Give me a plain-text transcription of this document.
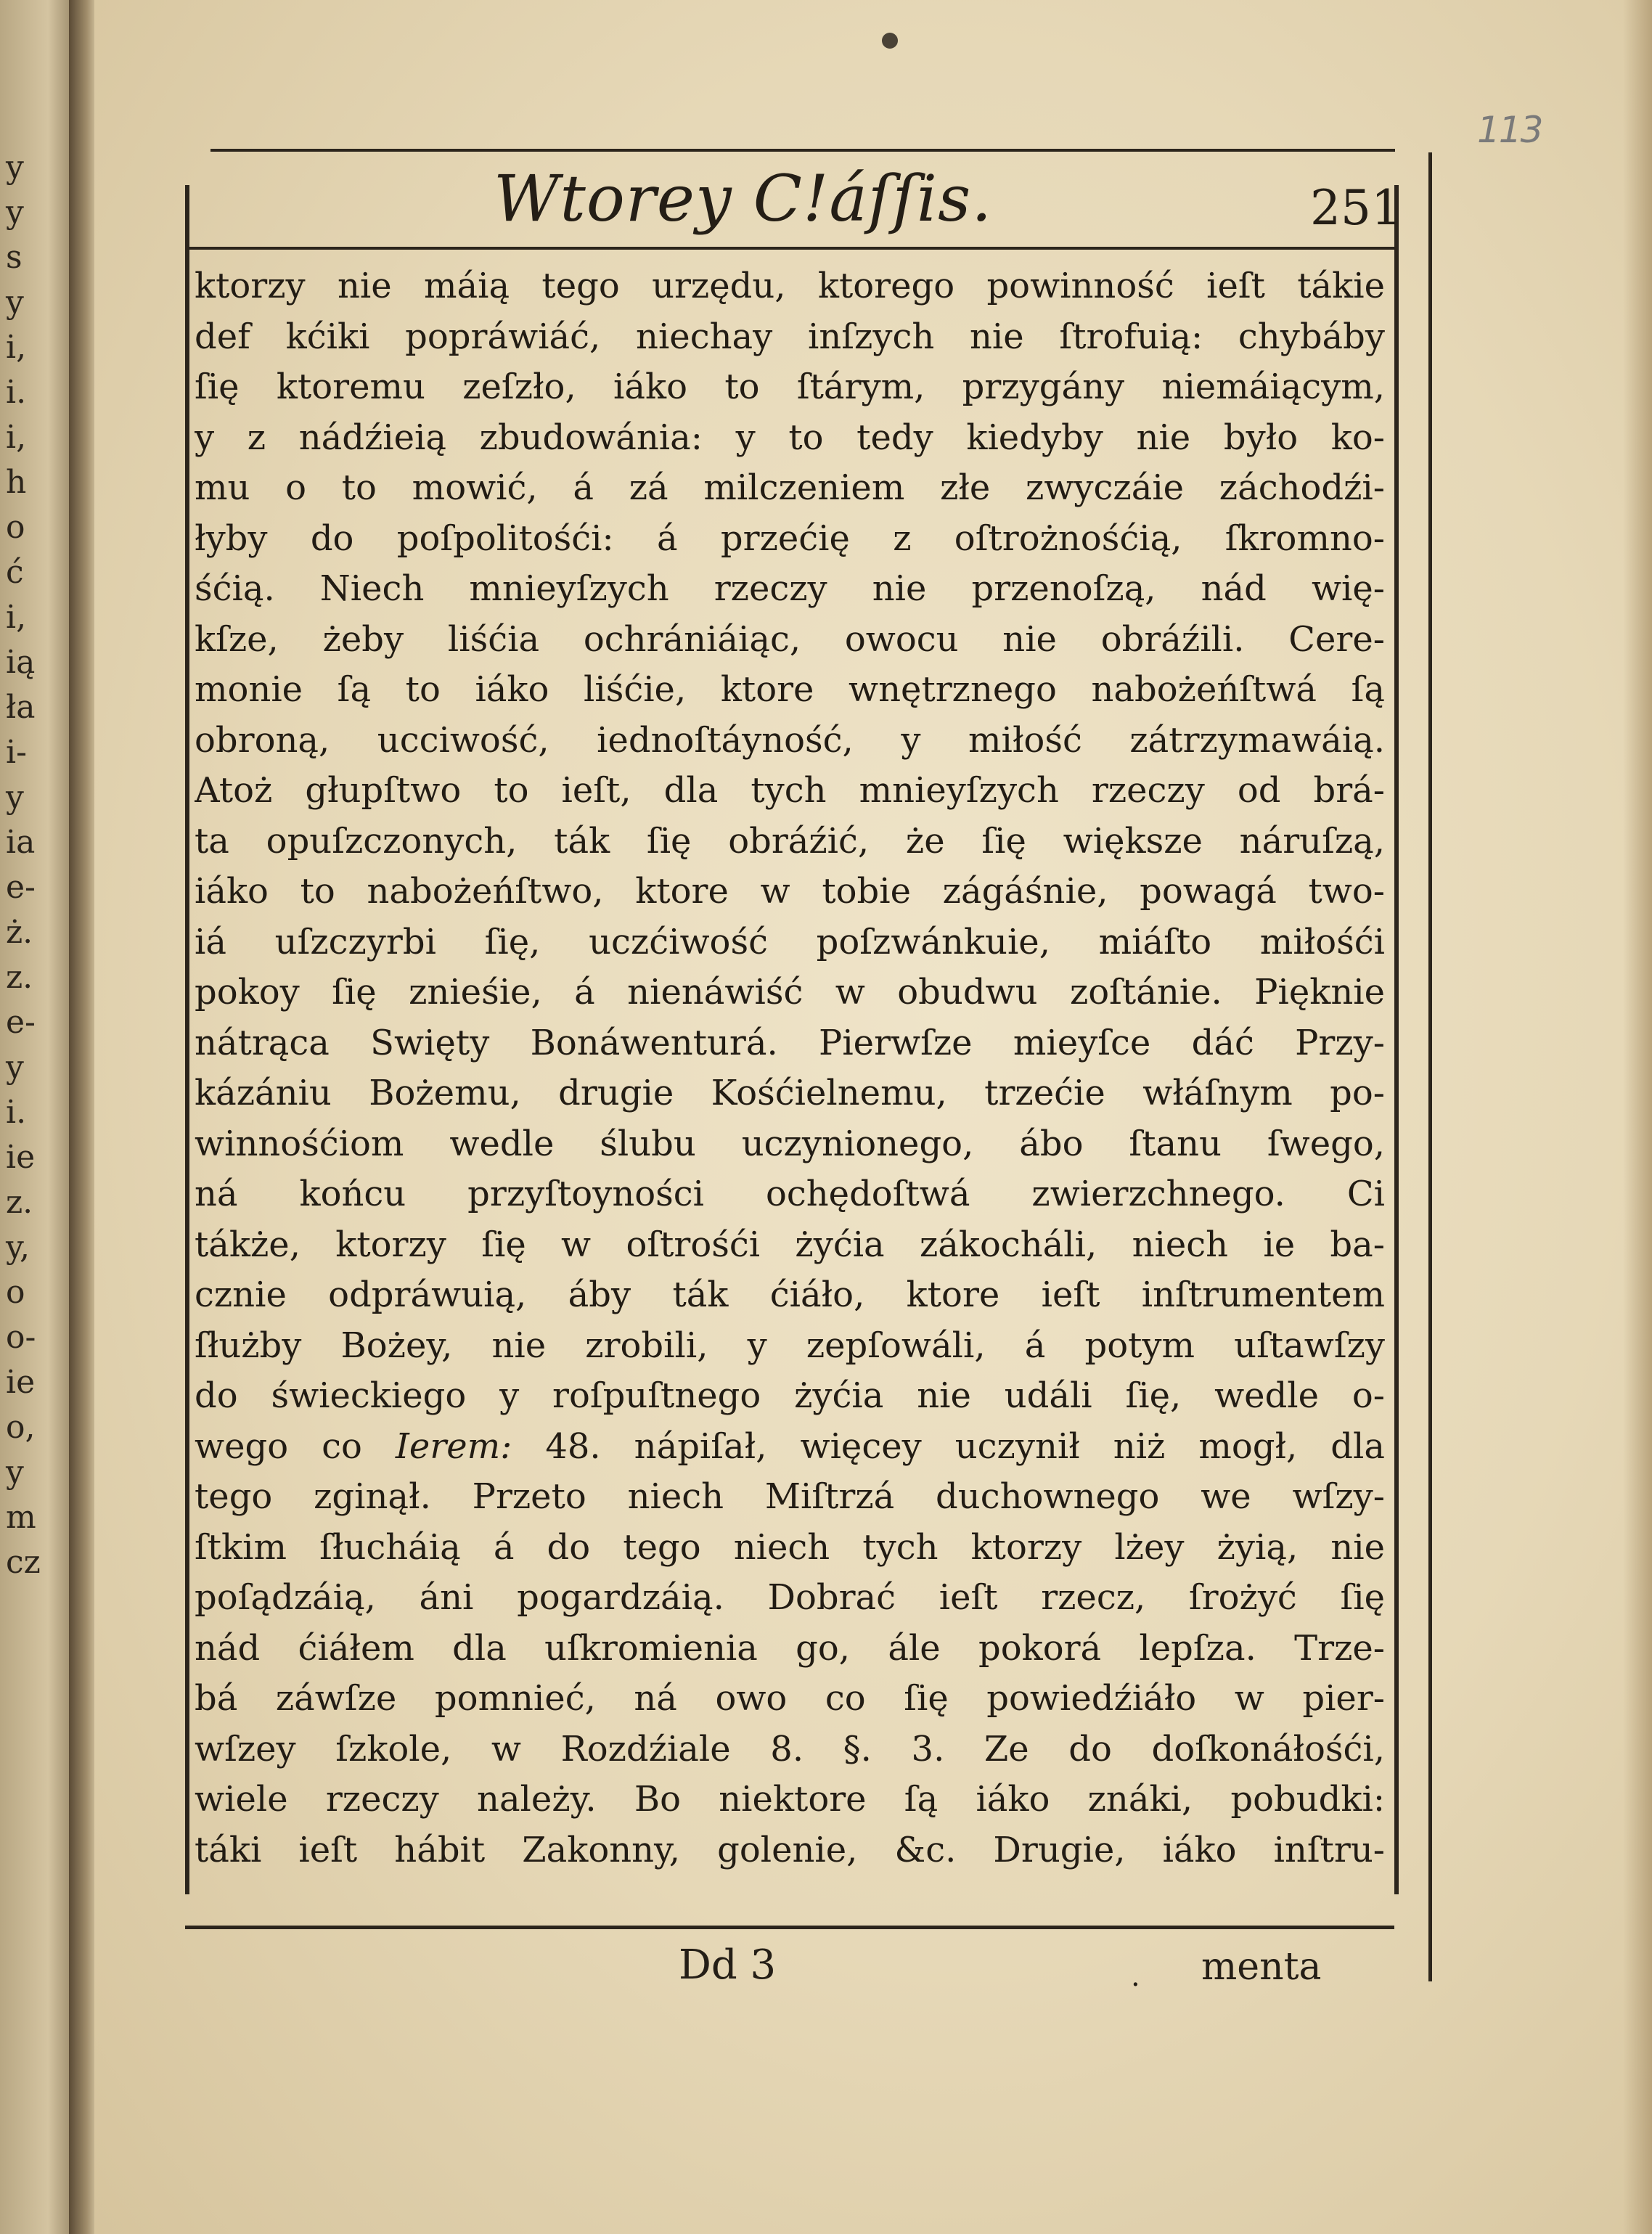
y
y
s
y
i,
i.
i,
h
o
ć
i,
ią
ła
i-
y
ia
e-
ż.
z.
e-
y
i.
ie
z.
y,
o
o-
ie
o,
y
m
cz
113
Wtorey C!áſſis.	251
ktorzy nie máią tego urzędu, ktorego powinność ieſt tákie
def kćiki popráwiáć, niechay inſzych nie ſtrofuią: chybáby
ſię ktoremu zeſzło, iáko to ſtárym, przygány niemáiącym,
y z nádźieią zbudowánia: y to tedy kiedyby nie było ko-
mu o to mowić, á zá milczeniem złe zwyczáie záchodźi-
łyby do poſpolitośći: á przećię z oſtrożnośćią, ſkromno-
śćią. Niech mnieyſzych rzeczy nie przenoſzą, nád wię-
kſze, żeby liśćia ochrániáiąc, owocu nie obráźili. Cere-
monie ſą to iáko liśćie, ktore wnętrznego nabożeńſtwá ſą
obroną, ucciwość, iednoſtáyność, y miłość zátrzymawáią.
Atoż głupſtwo to ieſt, dla tych mnieyſzych rzeczy od brá-
ta opuſzczonych, ták ſię obráźić, że ſię większe náruſzą,
iáko to nabożeńſtwo, ktore w tobie zágáśnie, powagá two-
iá uſzczyrbi ſię, uczćiwość poſzwánkuie, miáſto miłośći
pokoy ſię znieśie, á nienáwiść w obudwu zoſtánie. Pięknie
nátrąca Swięty Bonáwenturá. Pierwſze mieyſce dáć Przy-
kázániu Bożemu, drugie Kośćielnemu, trzećie włáſnym po-
winnośćiom wedle ślubu uczynionego, ábo ſtanu ſwego,
ná końcu przyſtoyności ochędoſtwá zwierzchnego. Ci
tákże, ktorzy ſię w oſtrośći żyćia zákocháli, niech ie ba-
cznie odpráwuią, áby ták ćiáło, ktore ieſt inſtrumentem
ſłużby Bożey, nie zrobili, y zepſowáli, á potym uſtawſzy
do świeckiego y roſpuſtnego żyćia nie událi ſię, wedle o-
wego co Ierem: 48. nápiſał, więcey uczynił niż mogł, dla
tego zginął. Przeto niech Miſtrzá duchownego we wſzy-
ſtkim ſłucháią á do tego niech tych ktorzy lżey żyią, nie
poſądzáią, áni pogardzáią. Dobrać ieſt rzecz, ſrożyć ſię
nád ćiáłem dla uſkromienia go, ále pokorá lepſza. Trze-
bá záwſze pomnieć, ná owo co ſię powiedźiáło w pier-
wſzey ſzkole, w Rozdźiale 8. §. 3. Ze do doſkonáłośći,
wiele rzeczy należy. Bo niektore ſą iáko znáki, pobudki:
táki ieſt hábit Zakonny, golenie, &c. Drugie, iáko inſtru-
Dd 3	. menta
